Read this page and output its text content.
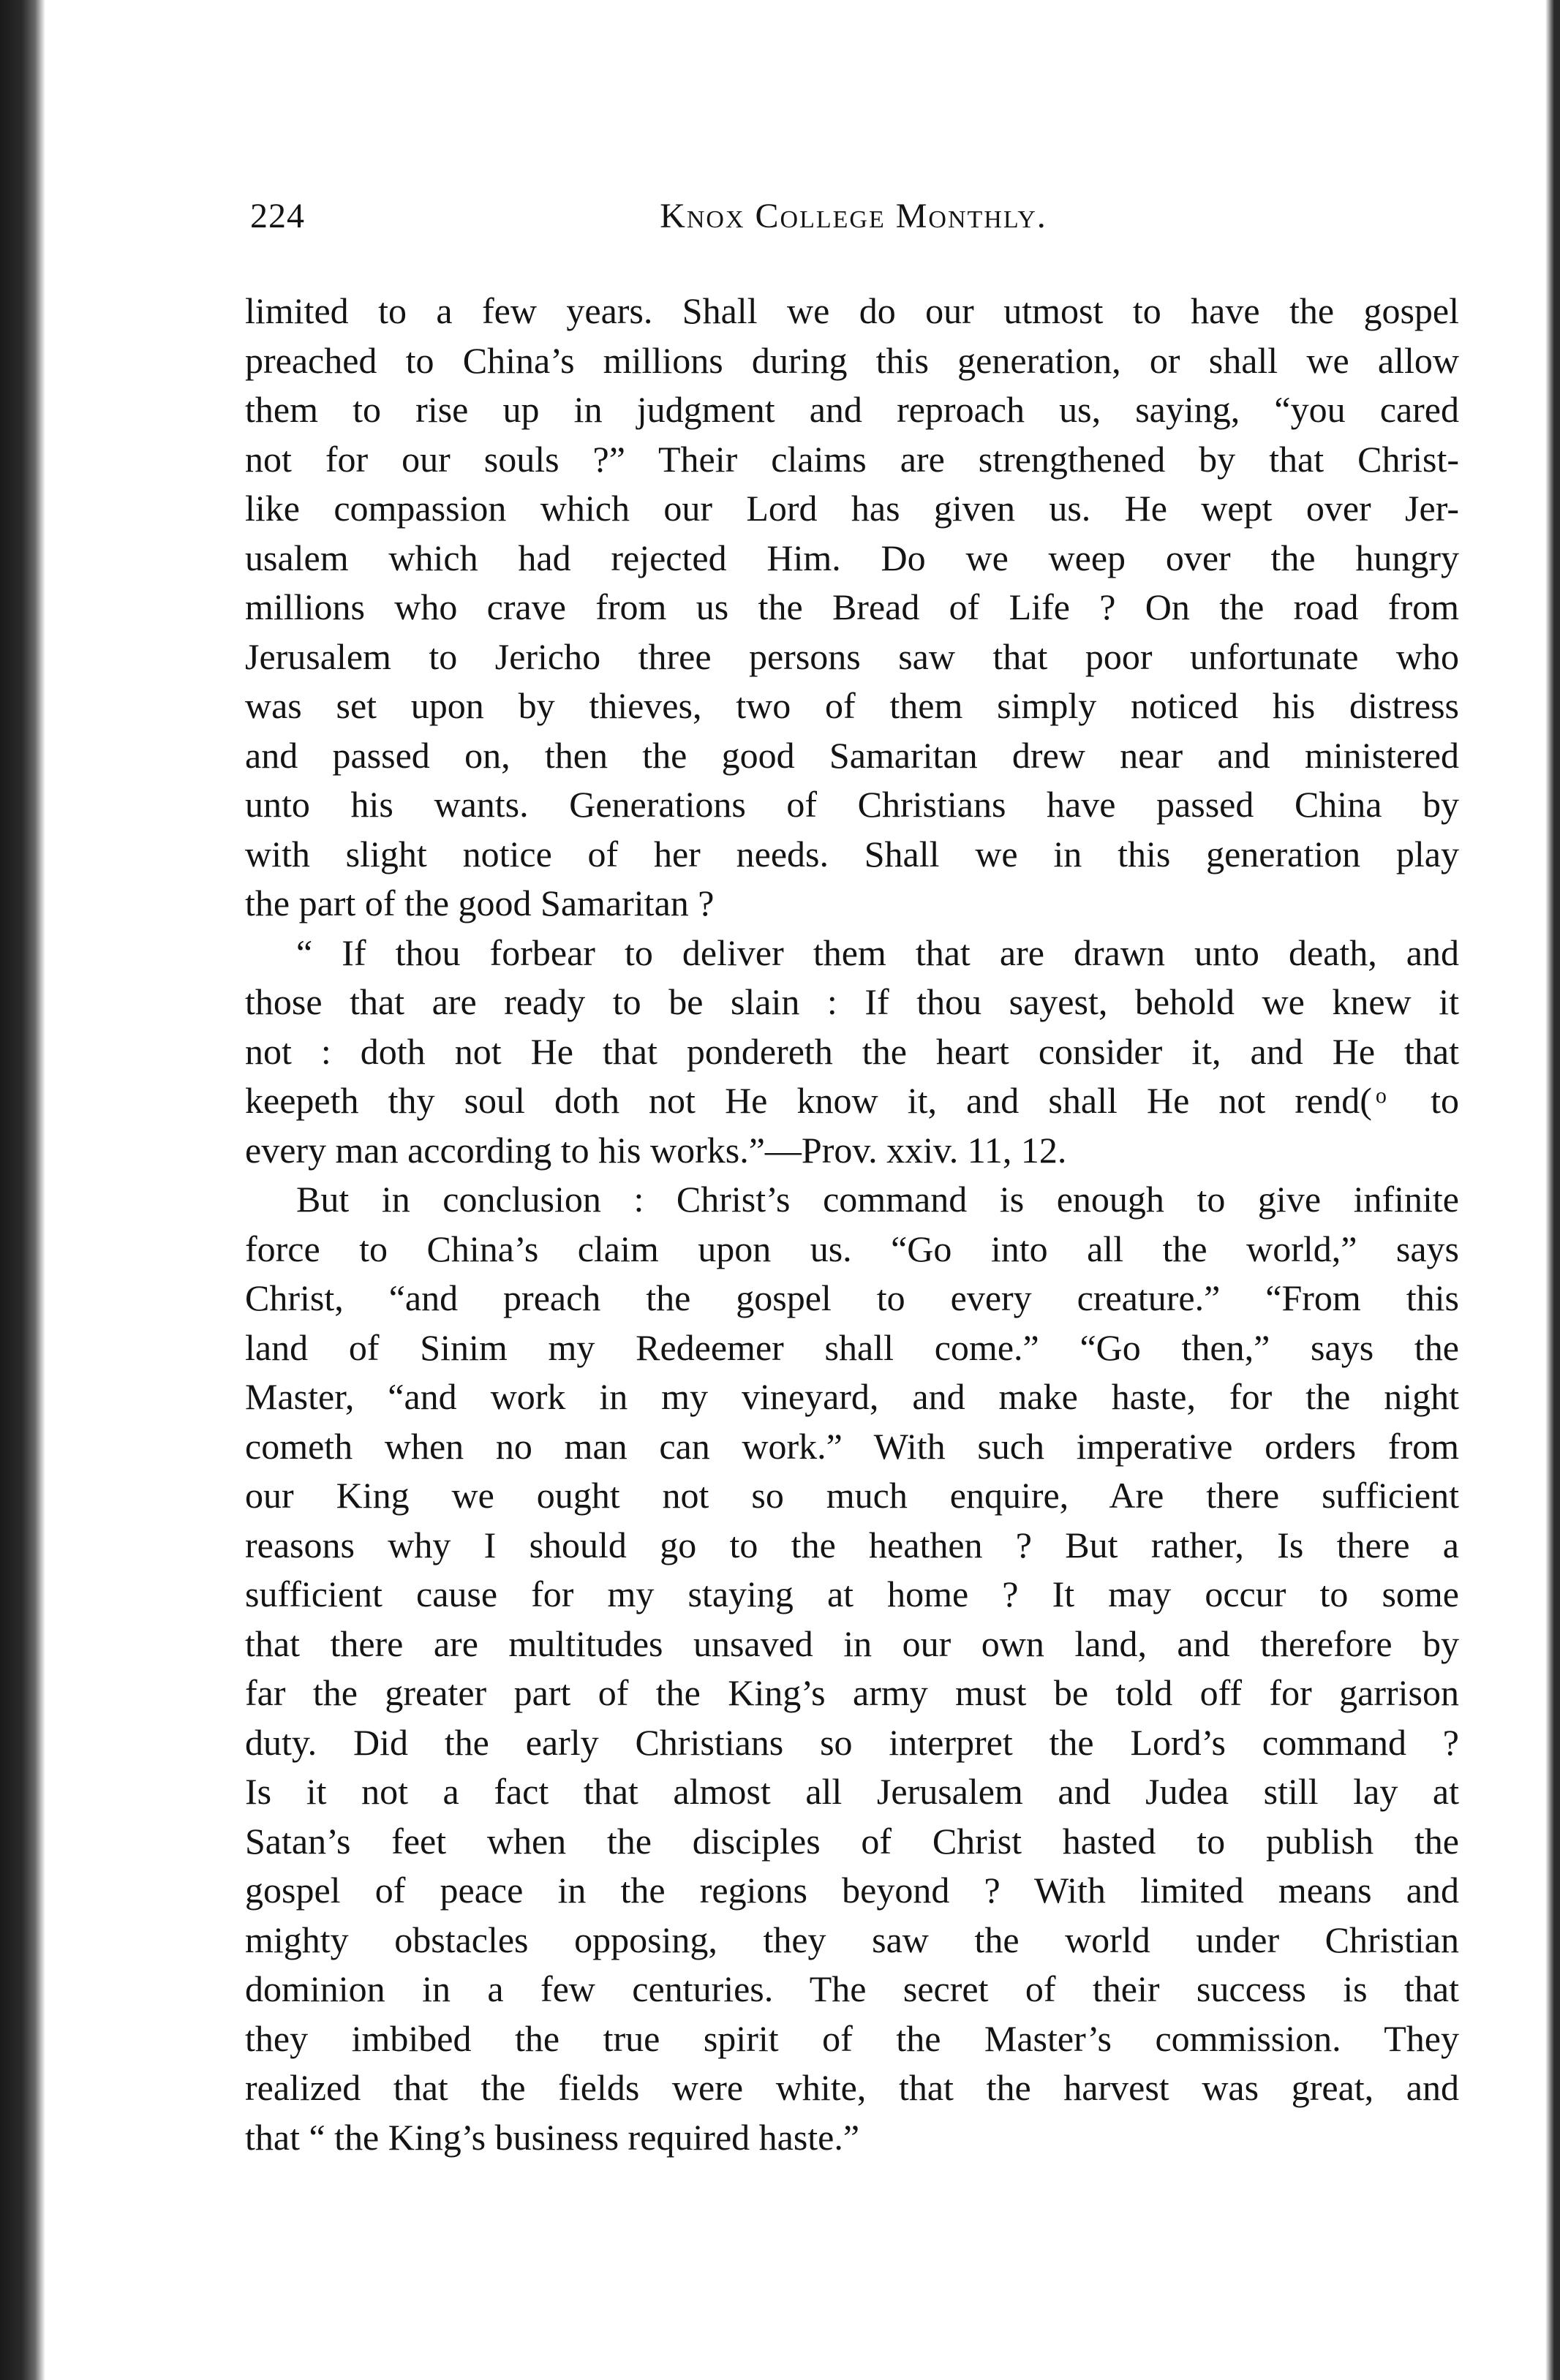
224	Knox College Monthly.
limited to a few years. Shall we do our utmost to have the gospel
preached to China’s millions during this generation, or shall we allow
them to rise up in judgment and reproach us, saying, “you cared
not for our souls ?” Their claims are strengthened by that Christ-
like compassion which our Lord has given us. He wept over Jer-
usalem which had rejected Him. Do we weep over the hungry
millions who crave from us the Bread of Life ? On the road from
Jerusalem to Jericho three persons saw that poor unfortunate who
was set upon by thieves, two of them simply noticed his distress
and passed on, then the good Samaritan drew near and ministered
unto his wants. Generations of Christians have passed China by
with slight notice of her needs. Shall we in this generation play
the part of the good Samaritan ?
“ If thou forbear to deliver them that are drawn unto death, and
those that are ready to be slain : If thou sayest, behold we knew it
not : doth not He that pondereth the heart consider it, and He that
keepeth thy soul doth not He know it, and shall He not rend( ͦ to
every man according to his works.”—Prov. xxiv. 11, 12.
But in conclusion : Christ’s command is enough to give infinite
force to China’s claim upon us. “Go into all the world,” says
Christ, “and preach the gospel to every creature.” “From this
land of Sinim my Redeemer shall come.” “Go then,” says the
Master, “and work in my vineyard, and make haste, for the night
cometh when no man can work.” With such imperative orders from
our King we ought not so much enquire, Are there sufficient
reasons why I should go to the heathen ? But rather, Is there a
sufficient cause for my staying at home ? It may occur to some
that there are multitudes unsaved in our own land, and therefore by
far the greater part of the King’s army must be told off for garrison
duty. Did the early Christians so interpret the Lord’s command ?
Is it not a fact that almost all Jerusalem and Judea still lay at
Satan’s feet when the disciples of Christ hasted to publish the
gospel of peace in the regions beyond ? With limited means and
mighty obstacles opposing, they saw the world under Christian
dominion in a few centuries. The secret of their success is that
they imbibed the true spirit of the Master’s commission. They
realized that the fields were white, that the harvest was great, and
that “ the King’s business required haste.”
